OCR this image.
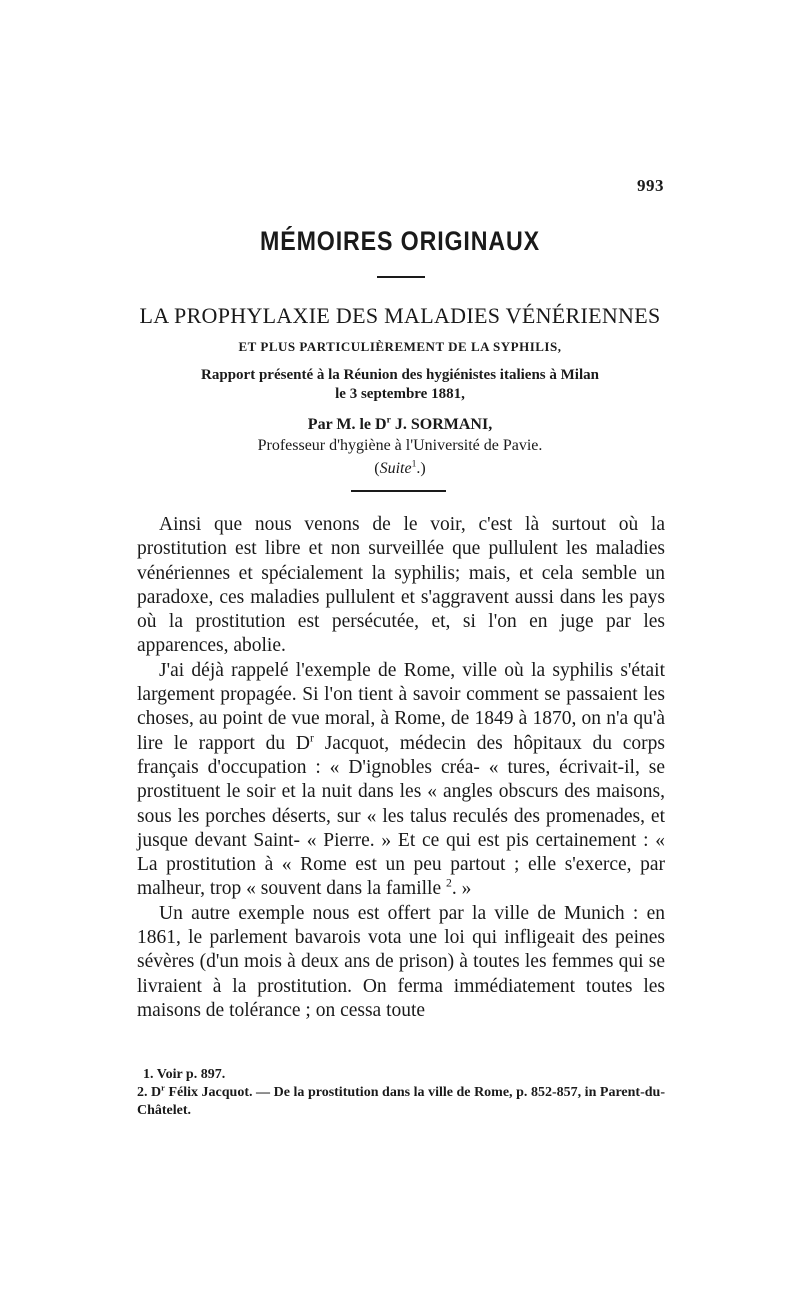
993
MÉMOIRES ORIGINAUX
LA PROPHYLAXIE DES MALADIES VÉNÉRIENNES
ET PLUS PARTICULIÈREMENT DE LA SYPHILIS,
Rapport présenté à la Réunion des hygiénistes italiens à Milan
le 3 septembre 1881,
Par M. le $D^r$ J. SORMANI,
Professeur d'hygiène à l'Université de Pavie.
(Suite$^1$.)

Ainsi que nous venons de le voir, c'est là surtout où la prostitution est libre et non surveillée que pullulent les maladies vénériennes et spécialement la syphilis; mais, et cela semble un paradoxe, ces maladies pullulent et s'aggravent aussi dans les pays où la prostitution est persécutée, et, si l'on en juge par les apparences, abolie.

J'ai déjà rappelé l'exemple de Rome, ville où la syphilis s'était largement propagée. Si l'on tient à savoir comment se passaient les choses, au point de vue moral, à Rome, de 1849 à 1870, on n'a qu'à lire le rapport du $D^r$ Jacquot, médecin des hôpitaux du corps français d'occupation : « D'ignobles créa- « tures, écrivait-il, se prostituent le soir et la nuit dans les « angles obscurs des maisons, sous les porches déserts, sur « les talus reculés des promenades, et jusque devant Saint- « Pierre. » Et ce qui est pis certainement : « La prostitution à « Rome est un peu partout ; elle s'exerce, par malheur, trop « souvent dans la famille $^2$. »

Un autre exemple nous est offert par la ville de Munich : en 1861, le parlement bavarois vota une loi qui infligeait des peines sévères (d'un mois à deux ans de prison) à toutes les femmes qui se livraient à la prostitution. On ferma immédiatement toutes les maisons de tolérance ; on cessa toute

1. Voir p. 897.

2. $D^r$ Félix Jacquot. — De la prostitution dans la ville de Rome, p. 852-857, in Parent-du-Châtelet.
